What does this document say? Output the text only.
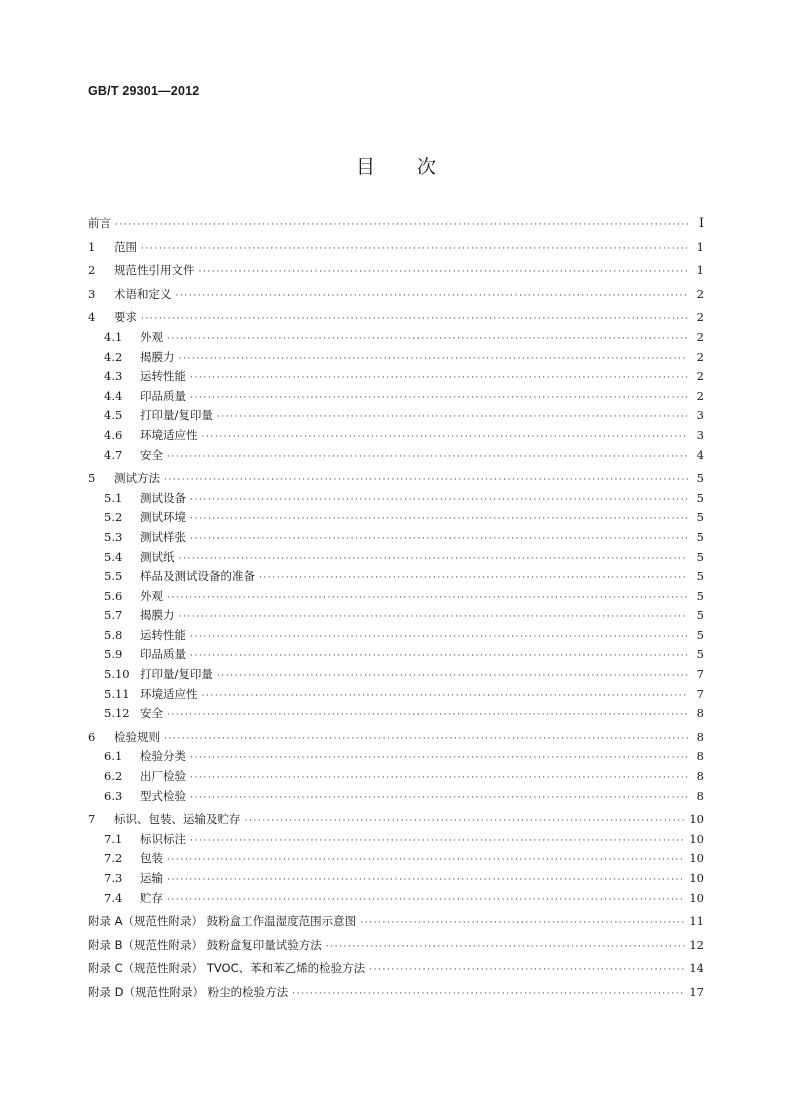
GB/T 29301—2012
目 次
前言 ·····	I
1	范围 ·····	1
2	规范性引用文件 ·····	1
3	术语和定义 ·····	2
4	要求 ·····	2
4.1	外观 ·····	2
4.2	揭膜力 ·····	2
4.3	运转性能 ·····	2
4.4	印品质量 ·····	2
4.5	打印量/复印量 ·····	3
4.6	环境适应性 ·····	3
4.7	安全 ·····	4
5	测试方法 ·····	5
5.1	测试设备 ·····	5
5.2	测试环境 ·····	5
5.3	测试样张 ·····	5
5.4	测试纸 ·····	5
5.5	样品及测试设备的准备 ·····	5
5.6	外观 ·····	5
5.7	揭膜力 ·····	5
5.8	运转性能 ·····	5
5.9	印品质量 ·····	5
5.10 打印量/复印量 ·····	7
5.11 环境适应性 ·····	7
5.12 安全 ·····	8
6	检验规则 ·····	8
6.1	检验分类 ·····	8
6.2	出厂检验 ·····	8
6.3	型式检验 ·····	8
7	标识、包装、运输及贮存 ·····	10
7.1	标识标注 ·····	10
7.2	包装 ·····	10
7.3	运输 ·····	10
7.4	贮存 ·····	10
附录 A（规范性附录） 鼓粉盒工作温湿度范围示意图 ·····	11
附录 B（规范性附录） 鼓粉盒复印量试验方法 ·····	12
附录 C（规范性附录） TVOC、苯和苯乙烯的检验方法 ·····	14
附录 D（规范性附录） 粉尘的检验方法 ·····	17
